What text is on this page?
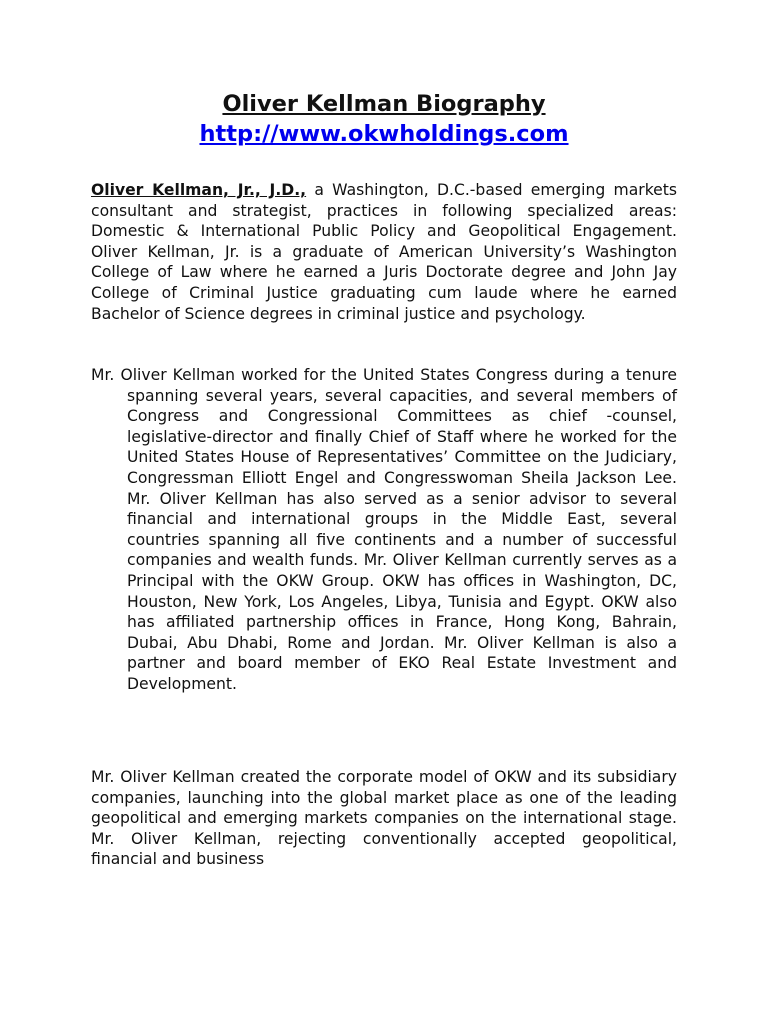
Oliver Kellman Biography
http://www.okwholdings.com

Oliver Kellman, Jr., J.D., a Washington, D.C.-based emerging markets consultant and strategist, practices in following specialized areas: Domestic & International Public Policy and Geopolitical Engagement. Oliver Kellman, Jr. is a graduate of American University’s Washington College of Law where he earned a Juris Doctorate degree and John Jay College of Criminal Justice graduating cum laude where he earned Bachelor of Science degrees in criminal justice and psychology.

Mr. Oliver Kellman worked for the United States Congress during a tenure spanning several years, several capacities, and several members of Congress and Congressional Committees as chief -counsel, legislative-director and finally Chief of Staff where he worked for the United States House of Representatives’ Committee on the Judiciary, Congressman Elliott Engel and Congresswoman Sheila Jackson Lee. Mr. Oliver Kellman has also served as a senior advisor to several financial and international groups in the Middle East, several countries spanning all five continents and a number of successful companies and wealth funds. Mr. Oliver Kellman currently serves as a Principal with the OKW Group. OKW has offices in Washington, DC, Houston, New York, Los Angeles, Libya, Tunisia and Egypt. OKW also has affiliated partnership offices in France, Hong Kong, Bahrain, Dubai, Abu Dhabi, Rome and Jordan. Mr. Oliver Kellman is also a partner and board member of EKO Real Estate Investment and Development.

Mr. Oliver Kellman created the corporate model of OKW and its subsidiary companies, launching into the global market place as one of the leading geopolitical and emerging markets companies on the international stage. Mr. Oliver Kellman, rejecting conventionally accepted geopolitical, financial and business
